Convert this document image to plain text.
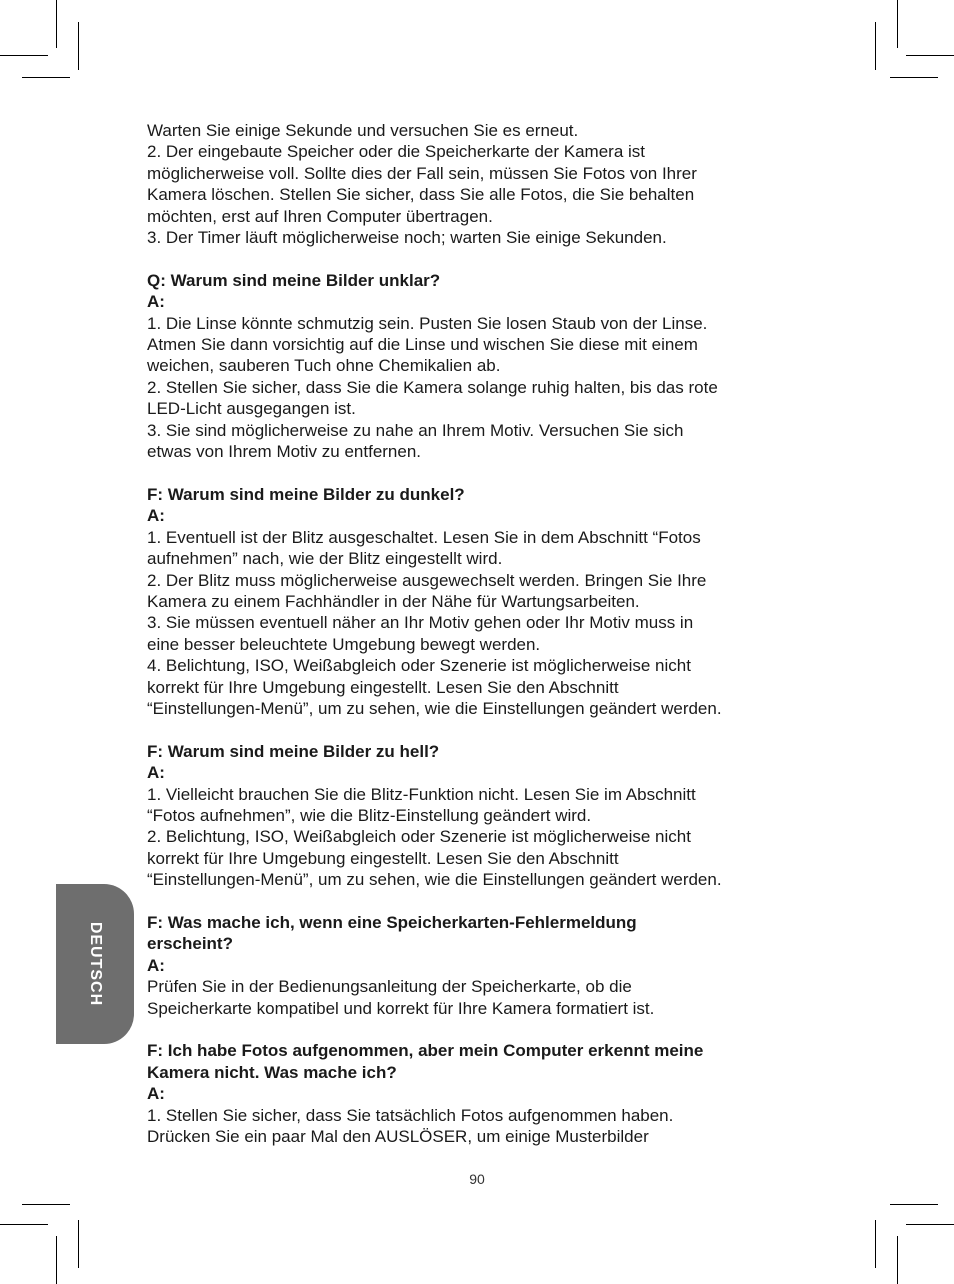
DEUTSCH
Warten Sie einige Sekunde und versuchen Sie es erneut.
2. Der eingebaute Speicher oder die Speicherkarte der Kamera ist
möglicherweise voll. Sollte dies der Fall sein, müssen Sie Fotos von Ihrer
Kamera löschen. Stellen Sie sicher, dass Sie alle Fotos, die Sie behalten
möchten, erst auf Ihren Computer übertragen.
3. Der Timer läuft möglicherweise noch; warten Sie einige Sekunden.
Q: Warum sind meine Bilder unklar?
A:
1. Die Linse könnte schmutzig sein. Pusten Sie losen Staub von der Linse.
Atmen Sie dann vorsichtig auf die Linse und wischen Sie diese mit einem
weichen, sauberen Tuch ohne Chemikalien ab.
2. Stellen Sie sicher, dass Sie die Kamera solange ruhig halten, bis das rote
LED-Licht ausgegangen ist.
3. Sie sind möglicherweise zu nahe an Ihrem Motiv. Versuchen Sie sich
etwas von Ihrem Motiv zu entfernen.
F: Warum sind meine Bilder zu dunkel?
A:
1. Eventuell ist der Blitz ausgeschaltet. Lesen Sie in dem Abschnitt “Fotos
aufnehmen” nach, wie der Blitz eingestellt wird.
2. Der Blitz muss möglicherweise ausgewechselt werden. Bringen Sie Ihre
Kamera zu einem Fachhändler in der Nähe für Wartungsarbeiten.
3. Sie müssen eventuell näher an Ihr Motiv gehen oder Ihr Motiv muss in
eine besser beleuchtete Umgebung bewegt werden.
4. Belichtung, ISO, Weißabgleich oder Szenerie ist möglicherweise nicht
korrekt für Ihre Umgebung eingestellt. Lesen Sie den Abschnitt
“Einstellungen-Menü”, um zu sehen, wie die Einstellungen geändert werden.
F: Warum sind meine Bilder zu hell?
A:
1. Vielleicht brauchen Sie die Blitz-Funktion nicht. Lesen Sie im Abschnitt
“Fotos aufnehmen”, wie die Blitz-Einstellung geändert wird.
2. Belichtung, ISO, Weißabgleich oder Szenerie ist möglicherweise nicht
korrekt für Ihre Umgebung eingestellt. Lesen Sie den Abschnitt
“Einstellungen-Menü”, um zu sehen, wie die Einstellungen geändert werden.
F: Was mache ich, wenn eine Speicherkarten-Fehlermeldung
erscheint?
A:
Prüfen Sie in der Bedienungsanleitung der Speicherkarte, ob die
Speicherkarte kompatibel und korrekt für Ihre Kamera formatiert ist.
F: Ich habe Fotos aufgenommen, aber mein Computer erkennt meine
Kamera nicht. Was mache ich?
A:
1. Stellen Sie sicher, dass Sie tatsächlich Fotos aufgenommen haben.
Drücken Sie ein paar Mal den AUSLÖSER, um einige Musterbilder
90
